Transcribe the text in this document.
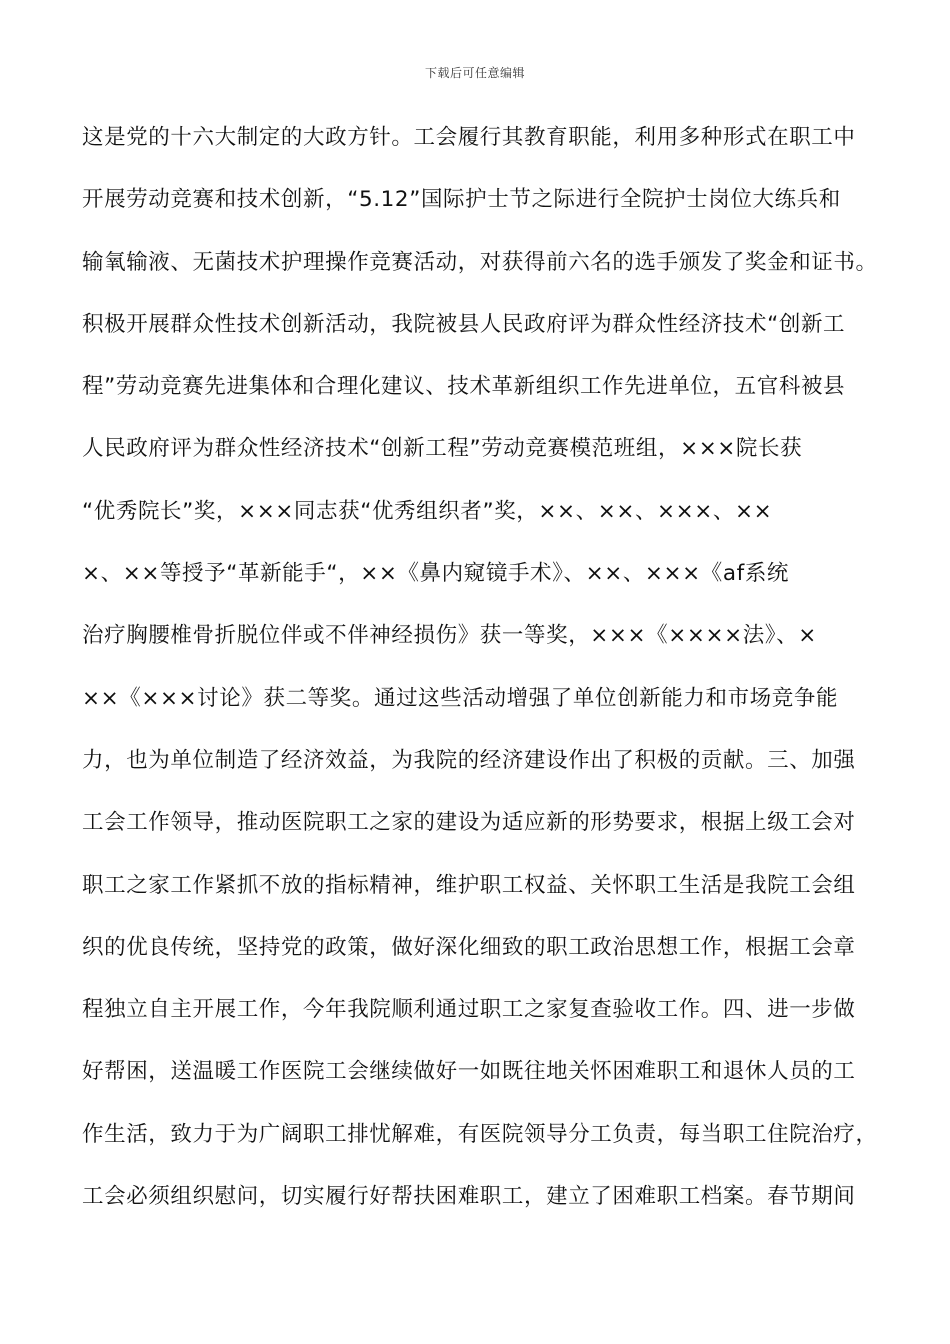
下载后可任意编辑
这是党的十六大制定的大政方针。工会履行其教育职能，利用多种形式在职工中
开展劳动竞赛和技术创新，“5.12”国际护士节之际进行全院护士岗位大练兵和
输氧输液、无菌技术护理操作竞赛活动，对获得前六名的选手颁发了奖金和证书。
积极开展群众性技术创新活动，我院被县人民政府评为群众性经济技术“创新工
程”劳动竞赛先进集体和合理化建议、技术革新组织工作先进单位，五官科被县
人民政府评为群众性经济技术“创新工程”劳动竞赛模范班组，×××院长获
“优秀院长”奖，×××同志获“优秀组织者”奖，××、××、×××、××
×、××等授予“革新能手“，××《鼻内窥镜手术》、××、×××《af系统
治疗胸腰椎骨折脱位伴或不伴神经损伤》获一等奖，×××《××××法》、×
××《×××讨论》获二等奖。通过这些活动增强了单位创新能力和市场竞争能
力，也为单位制造了经济效益，为我院的经济建设作出了积极的贡献。三、加强
工会工作领导，推动医院职工之家的建设为适应新的形势要求，根据上级工会对
职工之家工作紧抓不放的指标精神，维护职工权益、关怀职工生活是我院工会组
织的优良传统，坚持党的政策，做好深化细致的职工政治思想工作，根据工会章
程独立自主开展工作，今年我院顺利通过职工之家复查验收工作。四、进一步做
好帮困，送温暖工作医院工会继续做好一如既往地关怀困难职工和退休人员的工
作生活，致力于为广阔职工排忧解难，有医院领导分工负责，每当职工住院治疗，
工会必须组织慰问，切实履行好帮扶困难职工，建立了困难职工档案。春节期间
